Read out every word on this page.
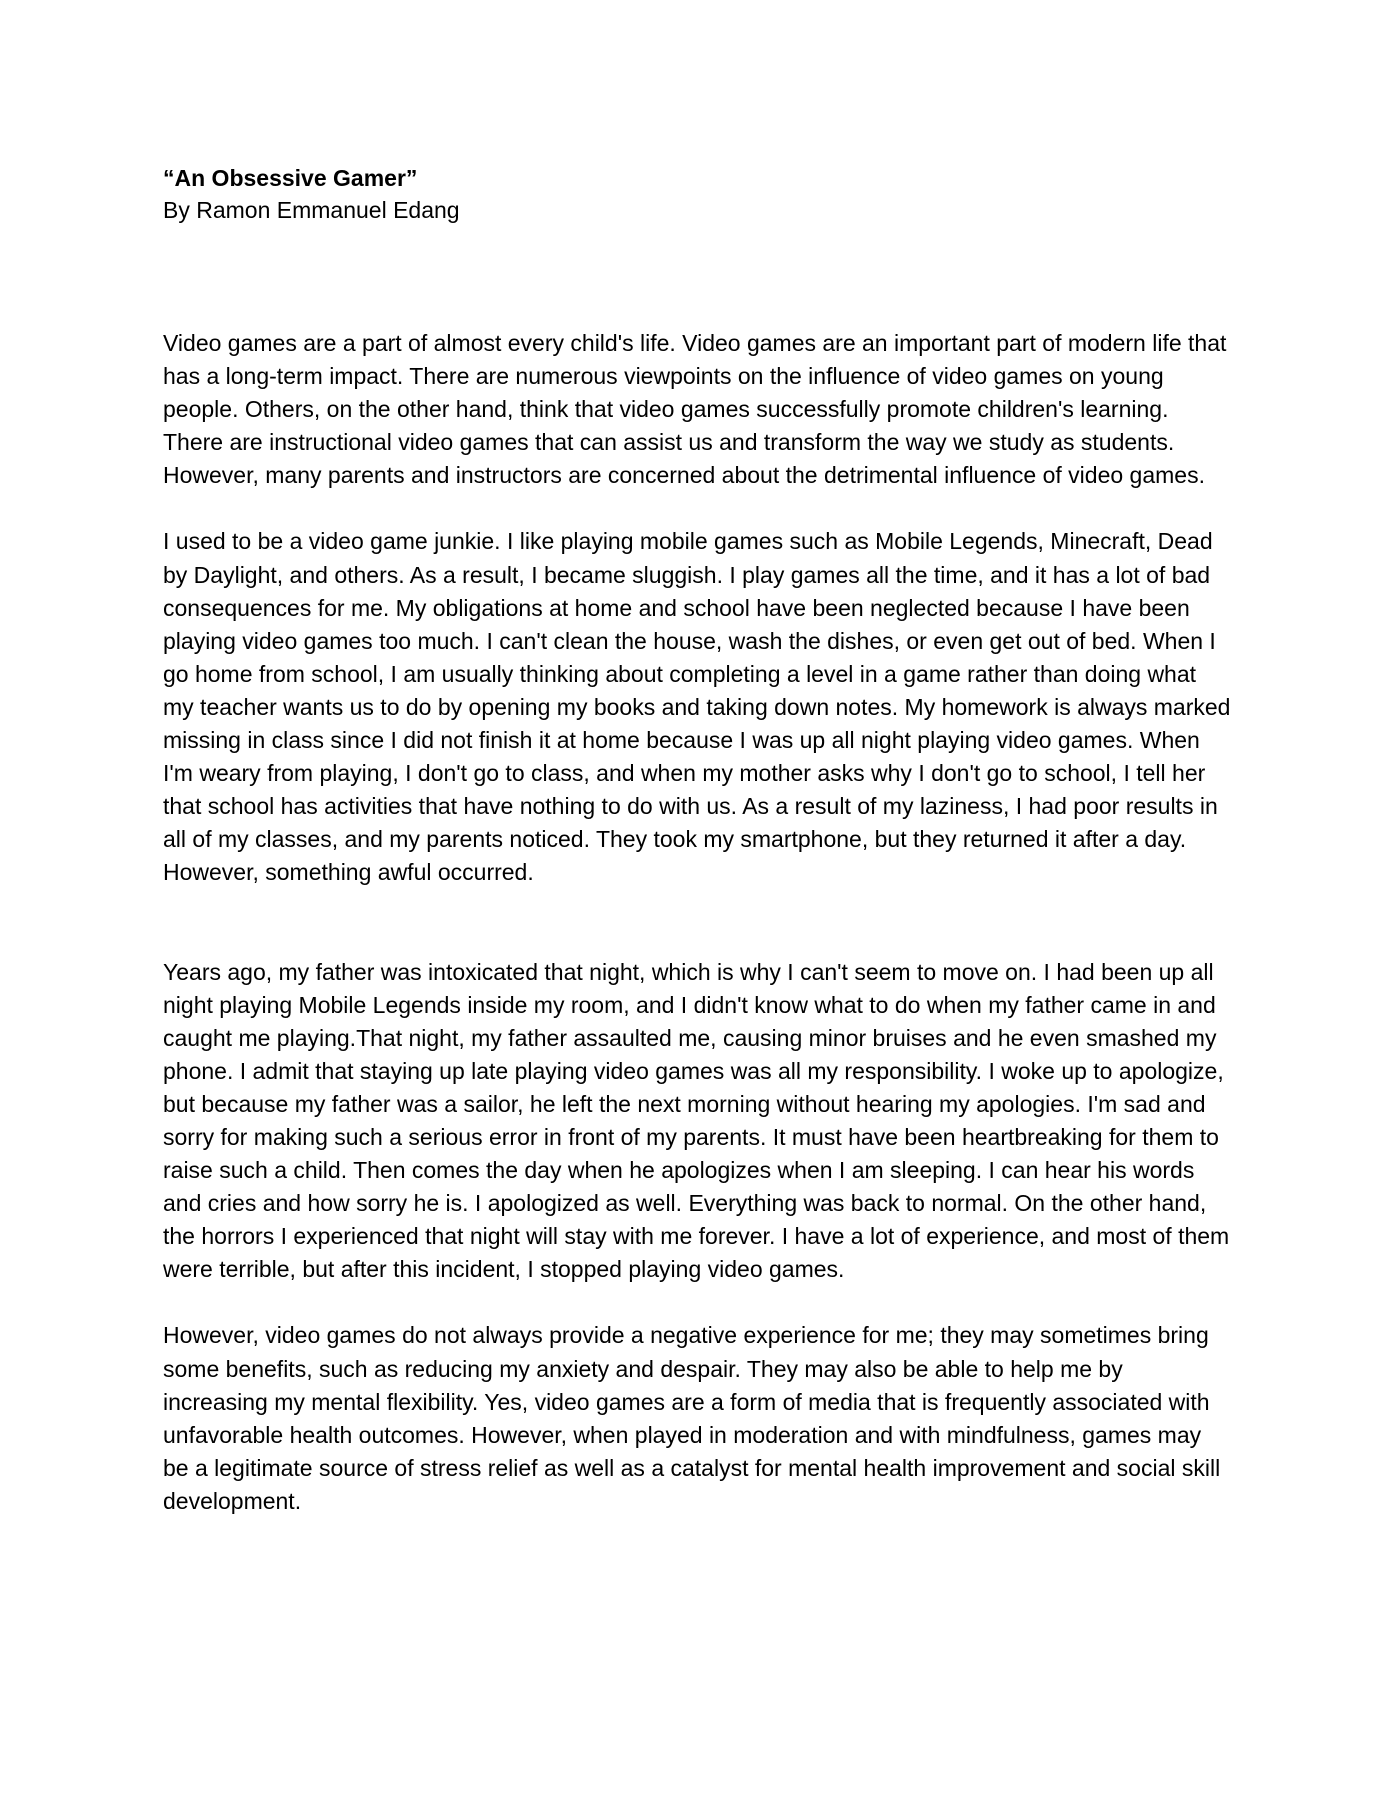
“An Obsessive Gamer”

By Ramon Emmanuel Edang

Video games are a part of almost every child's life. Video games are an important part of modern life that has a long-term impact. There are numerous viewpoints on the influence of video games on young people. Others, on the other hand, think that video games successfully promote children's learning. There are instructional video games that can assist us and transform the way we study as students. However, many parents and instructors are concerned about the detrimental influence of video games.

I used to be a video game junkie. I like playing mobile games such as Mobile Legends, Minecraft, Dead by Daylight, and others. As a result, I became sluggish. I play games all the time, and it has a lot of bad consequences for me. My obligations at home and school have been neglected because I have been playing video games too much. I can't clean the house, wash the dishes, or even get out of bed. When I go home from school, I am usually thinking about completing a level in a game rather than doing what my teacher wants us to do by opening my books and taking down notes. My homework is always marked missing in class since I did not finish it at home because I was up all night playing video games. When I'm weary from playing, I don't go to class, and when my mother asks why I don't go to school, I tell her that school has activities that have nothing to do with us. As a result of my laziness, I had poor results in all of my classes, and my parents noticed. They took my smartphone, but they returned it after a day. However, something awful occurred.

Years ago, my father was intoxicated that night, which is why I can't seem to move on. I had been up all night playing Mobile Legends inside my room, and I didn't know what to do when my father came in and caught me playing.That night, my father assaulted me, causing minor bruises and he even smashed my phone. I admit that staying up late playing video games was all my responsibility. I woke up to apologize, but because my father was a sailor, he left the next morning without hearing my apologies. I'm sad and sorry for making such a serious error in front of my parents. It must have been heartbreaking for them to raise such a child. Then comes the day when he apologizes when I am sleeping. I can hear his words and cries and how sorry he is. I apologized as well. Everything was back to normal. On the other hand, the horrors I experienced that night will stay with me forever. I have a lot of experience, and most of them were terrible, but after this incident, I stopped playing video games.

However, video games do not always provide a negative experience for me; they may sometimes bring some benefits, such as reducing my anxiety and despair. They may also be able to help me by increasing my mental flexibility. Yes, video games are a form of media that is frequently associated with unfavorable health outcomes. However, when played in moderation and with mindfulness, games may be a legitimate source of stress relief as well as a catalyst for mental health improvement and social skill development.
